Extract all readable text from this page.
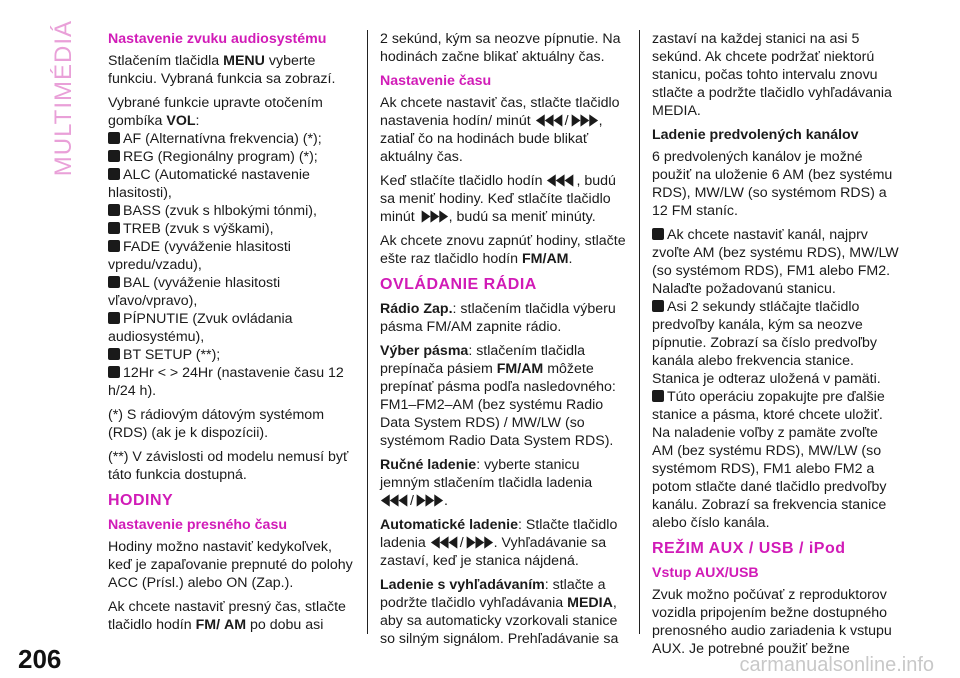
MULTIMÉDIÁ Nastavenie zvuku audiosystému

Stlačením tlačidla MENU vyberte funkciu. Vybraná funkcia sa zobrazí.

Vybrané funkcie upravte otočením gombíka VOL:

AF (Alternatívna frekvencia) (*);
REG (Regionálny program) (*);
ALC (Automatické nastavenie hlasitosti),
BASS (zvuk s hlbokými tónmi),
TREB (zvuk s výškami),
FADE (vyváženie hlasitosti vpredu/vzadu),
BAL (vyváženie hlasitosti vľavo/vpravo),
PÍPNUTIE (Zvuk ovládania audiosystému),
BT SETUP (**);
12Hr < > 24Hr (nastavenie času 12 h/24 h).

(*) S rádiovým dátovým systémom (RDS) (ak je k dispozícii).

(**) V závislosti od modelu nemusí byť táto funkcia dostupná.

HODINY
Nastavenie presného času

Hodiny možno nastaviť kedykoľvek, keď je zapaľovanie prepnuté do polohy ACC (Prísl.) alebo ON (Zap.).

Ak chcete nastaviť presný čas, stlačte tlačidlo hodín FM/ AM po dobu asi

2 sekúnd, kým sa neozve pípnutie. Na hodinách začne blikať aktuálny čas.

Nastavenie času

Ak chcete nastaviť čas, stlačte tlačidlo nastavenia hodín/ minút / , zatiaľ čo na hodinách bude blikať aktuálny čas.

Keď stlačíte tlačidlo hodín , budú sa meniť hodiny. Keď stlačíte tlačidlo minút , budú sa meniť minúty.

Ak chcete znovu zapnúť hodiny, stlačte ešte raz tlačidlo hodín FM/AM.

OVLÁDANIE RÁDIA

Rádio Zap.: stlačením tlačidla výberu pásma FM/AM zapnite rádio.

Výber pásma: stlačením tlačidla prepínača pásiem FM/AM môžete prepínať pásma podľa nasledovného: FM1–FM2–AM (bez systému Radio Data System RDS) / MW/LW (so systémom Radio Data System RDS).

Ručné ladenie: vyberte stanicu jemným stlačením tlačidla ladenia
/ .

Automatické ladenie: Stlačte tlačidlo ladenia / . Vyhľadávanie sa zastaví, keď je stanica nájdená.

Ladenie s vyhľadávaním: stlačte a podržte tlačidlo vyhľadávania MEDIA, aby sa automaticky vzorkovali stanice so silným signálom. Prehľadávanie sa

zastaví na každej stanici na asi 5 sekúnd. Ak chcete podržať niektorú stanicu, počas tohto intervalu znovu stlačte a podržte tlačidlo vyhľadávania MEDIA.

Ladenie predvolených kanálov

6 predvolených kanálov je možné použiť na uloženie 6 AM (bez systému RDS), MW/LW (so systémom RDS) a 12 FM staníc.

Ak chcete nastaviť kanál, najprv zvoľte AM (bez systému RDS), MW/LW (so systémom RDS), FM1 alebo FM2. Nalaďte požadovanú stanicu.
Asi 2 sekundy stláčajte tlačidlo predvoľby kanála, kým sa neozve pípnutie. Zobrazí sa číslo predvoľby kanála alebo frekvencia stanice. Stanica je odteraz uložená v pamäti.
Túto operáciu zopakujte pre ďalšie stanice a pásma, ktoré chcete uložiť.

Na naladenie voľby z pamäte zvoľte AM (bez systému RDS), MW/LW (so systémom RDS), FM1 alebo FM2 a potom stlačte dané tlačidlo predvoľby kanálu. Zobrazí sa frekvencia stanice alebo číslo kanála.

REŽIM AUX / USB / iPod
Vstup AUX/USB

Zvuk možno počúvať z reproduktorov vozidla pripojením bežne dostupného prenosného audio zariadenia k vstupu AUX. Je potrebné použiť bežne

206	carmanualsonline.info
